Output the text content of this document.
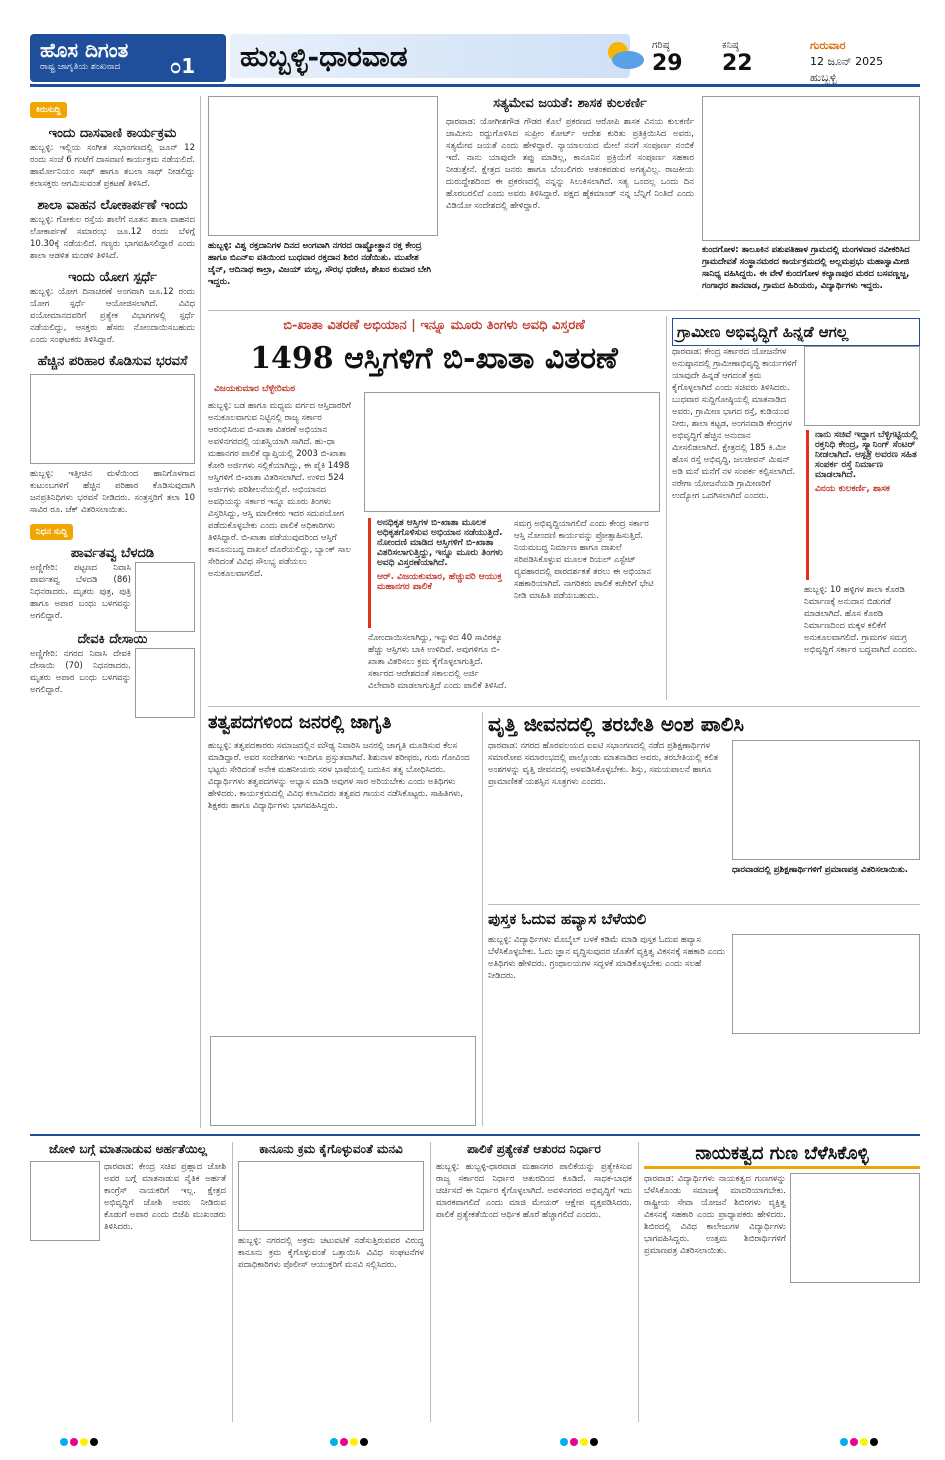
ಹೊಸ ದಿಗಂತ
ರಾಷ್ಟ್ರ ಜಾಗೃತಿಯ ಶಂಖನಾದ	೦1 ಹುಬ್ಬಳ್ಳಿ-ಧಾರವಾಡ	ಗರಿಷ್ಠ
29
ಕನಿಷ್ಠ
22
ಗುರುವಾರ
12 ಜೂನ್ 2025
ಹುಬ್ಬಳ್ಳಿ
ಕಿರುಸುದ್ದಿ
ಇಂದು ದಾಸವಾಣಿ ಕಾರ್ಯಕ್ರಮ

ಹುಬ್ಬಳ್ಳಿ: ಇಲ್ಲಿಯ ಸಂಗೀತ ಸಭಾಂಗಣದಲ್ಲಿ ಜೂನ್ 12 ರಂದು ಸಂಜೆ 6 ಗಂಟೆಗೆ ದಾಸವಾಣಿ ಕಾರ್ಯಕ್ರಮ ನಡೆಯಲಿದೆ. ಹಾರ್ಮೋನಿಯಂ ಸಾಥ್ ಹಾಗೂ ತಬಲಾ ಸಾಥ್ ನೀಡಲಿದ್ದು ಕಲಾಸಕ್ತರು ಆಗಮಿಸುವಂತೆ ಪ್ರಕಟಣೆ ತಿಳಿಸಿದೆ.

ಶಾಲಾ ವಾಹನ ಲೋಕಾರ್ಪಣೆ ಇಂದು

ಹುಬ್ಬಳ್ಳಿ: ಗೋಕುಲ ರಸ್ತೆಯ ಶಾಲೆಗೆ ನೂತನ ಶಾಲಾ ವಾಹನದ ಲೋಕಾರ್ಪಣೆ ಸಮಾರಂಭ ಜೂ.12 ರಂದು ಬೆಳಗ್ಗೆ 10.30ಕ್ಕೆ ನಡೆಯಲಿದೆ. ಗಣ್ಯರು ಭಾಗವಹಿಸಲಿದ್ದಾರೆ ಎಂದು ಶಾಲಾ ಆಡಳಿತ ಮಂಡಳಿ ತಿಳಿಸಿದೆ.

ಇಂದು ಯೋಗ ಸ್ಪರ್ಧೆ

ಹುಬ್ಬಳ್ಳಿ: ಯೋಗ ದಿನಾಚರಣೆ ಅಂಗವಾಗಿ ಜೂ.12 ರಂದು ಯೋಗ ಸ್ಪರ್ಧೆ ಆಯೋಜಿಸಲಾಗಿದೆ. ವಿವಿಧ ವಯೋಮಾನದವರಿಗೆ ಪ್ರತ್ಯೇಕ ವಿಭಾಗಗಳಲ್ಲಿ ಸ್ಪರ್ಧೆ ನಡೆಯಲಿದ್ದು, ಆಸಕ್ತರು ಹೆಸರು ನೋಂದಾಯಿಸಬಹುದು ಎಂದು ಸಂಘಟಕರು ತಿಳಿಸಿದ್ದಾರೆ.

ಹೆಚ್ಚಿನ ಪರಿಹಾರ ಕೊಡಿಸುವ ಭರವಸೆ

ಹುಬ್ಬಳ್ಳಿ: ಇತ್ತೀಚಿನ ಮಳೆಯಿಂದ ಹಾನಿಗೊಳಗಾದ ಕುಟುಂಬಗಳಿಗೆ ಹೆಚ್ಚಿನ ಪರಿಹಾರ ಕೊಡಿಸುವುದಾಗಿ ಜನಪ್ರತಿನಿಧಿಗಳು ಭರವಸೆ ನೀಡಿದರು. ಸಂತ್ರಸ್ತರಿಗೆ ತಲಾ 10 ಸಾವಿರ ರೂ. ಚೆಕ್ ವಿತರಿಸಲಾಯಿತು.

ನಿಧನ ಸುದ್ದಿ
ಪಾರ್ವತವ್ವ ಬೆಳದಡಿ

ಅಣ್ಣಿಗೇರಿ: ಪಟ್ಟಣದ ನಿವಾಸಿ ಪಾರ್ವತವ್ವ ಬೆಳದಡಿ (86) ನಿಧನರಾದರು. ಮೃತರು ಪುತ್ರ, ಪುತ್ರಿ ಹಾಗೂ ಅಪಾರ ಬಂಧು ಬಳಗವನ್ನು ಅಗಲಿದ್ದಾರೆ.

ದೇವಕಿ ದೇಸಾಯಿ

ಅಣ್ಣಿಗೇರಿ: ನಗರದ ನಿವಾಸಿ ದೇವಕಿ ದೇಸಾಯಿ (70) ನಿಧನರಾದರು. ಮೃತರು ಅಪಾರ ಬಂಧು ಬಳಗವನ್ನು ಅಗಲಿದ್ದಾರೆ.

ಹುಬ್ಬಳ್ಳಿ: ವಿಶ್ವ ರಕ್ತದಾನಿಗಳ ದಿನದ ಅಂಗವಾಗಿ ನಗರದ ರಾಷ್ಟ್ರೋತ್ಥಾನ ರಕ್ತ ಕೇಂದ್ರ ಹಾಗೂ ಬಿಎನ್‌ಐ ವತಿಯಿಂದ ಬುಧವಾರ ರಕ್ತದಾನ ಶಿಬಿರ ನಡೆಯಿತು. ಮುಖೇಶ ಜೈನ್, ಆದಿನಾಥ ಕಾಲ್ರಾ, ವಿಜಯ್ ಮಲ್ಲ, ಸೌರಭ ಧಡೇಚಿ, ಶೇಖರ ಕುಮಾರ ಬೇಗಿ ಇದ್ದರು.
ಸತ್ಯಮೇವ ಜಯತೆ: ಶಾಸಕ ಕುಲಕರ್ಣಿ

ಧಾರವಾಡ: ಯೋಗೀಶಗೌಡ ಗೌಡರ ಕೊಲೆ ಪ್ರಕರಣದ ಆರೋಪಿ ಶಾಸಕ ವಿನಯ ಕುಲಕರ್ಣಿ ಜಾಮೀನು ರದ್ದುಗೊಳಿಸಿದ ಸುಪ್ರೀಂ ಕೋರ್ಟ್ ಆದೇಶ ಕುರಿತು ಪ್ರತಿಕ್ರಿಯಿಸಿದ ಅವರು, ಸತ್ಯಮೇವ ಜಯತೆ ಎಂದು ಹೇಳಿದ್ದಾರೆ. ನ್ಯಾಯಾಲಯದ ಮೇಲೆ ನನಗೆ ಸಂಪೂರ್ಣ ನಂಬಿಕೆ ಇದೆ. ನಾನು ಯಾವುದೇ ತಪ್ಪು ಮಾಡಿಲ್ಲ, ಕಾನೂನಿನ ಪ್ರಕ್ರಿಯೆಗೆ ಸಂಪೂರ್ಣ ಸಹಕಾರ ನೀಡುತ್ತೇನೆ. ಕ್ಷೇತ್ರದ ಜನರು ಹಾಗೂ ಬೆಂಬಲಿಗರು ಆತಂಕಪಡುವ ಅಗತ್ಯವಿಲ್ಲ. ರಾಜಕೀಯ ದುರುದ್ದೇಶದಿಂದ ಈ ಪ್ರಕರಣದಲ್ಲಿ ನನ್ನನ್ನು ಸಿಲುಕಿಸಲಾಗಿದೆ. ಸತ್ಯ ಒಂದಲ್ಲ ಒಂದು ದಿನ ಹೊರಬರಲಿದೆ ಎಂದು ಅವರು ತಿಳಿಸಿದ್ದಾರೆ. ಪಕ್ಷದ ಹೈಕಮಾಂಡ್ ನನ್ನ ಬೆನ್ನಿಗೆ ನಿಂತಿದೆ ಎಂದು ವಿಡಿಯೋ ಸಂದೇಶದಲ್ಲಿ ಹೇಳಿದ್ದಾರೆ.

ಕುಂದಗೋಳ: ತಾಲೂಕಿನ ಪಶುಪತಿಹಾಳ ಗ್ರಾಮದಲ್ಲಿ ಮಂಗಳವಾರ ನವೀಕರಿಸಿದ ಗ್ರಾಮದೇವತೆ ಸಂಸ್ಥಾನಮಠದ ಕಾರ್ಯಕ್ರಮದಲ್ಲಿ ಅಲ್ಲಮಪ್ರಭು ಮಹಾಸ್ವಾಮೀಜಿ ಸಾನಿಧ್ಯ ವಹಿಸಿದ್ದರು. ಈ ವೇಳೆ ಕುಂದಗೋಳ ಕಲ್ಯಾಣಪುರ ಮಠದ ಬಸವಣ್ಣಜ್ಜ, ಗಂಗಾಧರ ಶಾನವಾಡ, ಗ್ರಾಮದ ಹಿರಿಯರು, ವಿದ್ಯಾರ್ಥಿಗಳು ಇದ್ದರು.
ಬಿ-ಖಾತಾ ವಿತರಣೆ ಅಭಿಯಾನ | ಇನ್ನೂ ಮೂರು ತಿಂಗಳು ಅವಧಿ ವಿಸ್ತರಣೆ
1498 ಆಸ್ತಿಗಳಿಗೆ ಬಿ-ಖಾತಾ ವಿತರಣೆ
ವಿಜಯಕುಮಾರ ಬೆಳ್ಳೇರಿಮಠ
ಹುಬ್ಬಳ್ಳಿ: ಬಡ ಹಾಗೂ ಮಧ್ಯಮ ವರ್ಗದ ಆಸ್ತಿದಾರರಿಗೆ ಅನುಕೂಲವಾಗುವ ನಿಟ್ಟಿನಲ್ಲಿ ರಾಜ್ಯ ಸರ್ಕಾರ ಆರಂಭಿಸಿರುವ ಬಿ-ಖಾತಾ ವಿತರಣೆ ಅಭಿಯಾನ ಅವಳಿನಗರದಲ್ಲಿ ಯಶಸ್ವಿಯಾಗಿ ಸಾಗಿದೆ. ಹು-ಧಾ ಮಹಾನಗರ ಪಾಲಿಕೆ ವ್ಯಾಪ್ತಿಯಲ್ಲಿ 2003 ಬಿ-ಖಾತಾ ಕೋರಿ ಅರ್ಜಿಗಳು ಸಲ್ಲಿಕೆಯಾಗಿದ್ದು, ಈ ಪೈಕಿ 1498 ಆಸ್ತಿಗಳಿಗೆ ಬಿ-ಖಾತಾ ವಿತರಿಸಲಾಗಿದೆ. ಉಳಿದ 524 ಅರ್ಜಿಗಳು ಪರಿಶೀಲನೆಯಲ್ಲಿವೆ. ಅಭಿಯಾನದ ಅವಧಿಯನ್ನು ಸರ್ಕಾರ ಇನ್ನೂ ಮೂರು ತಿಂಗಳು ವಿಸ್ತರಿಸಿದ್ದು, ಆಸ್ತಿ ಮಾಲೀಕರು ಇದರ ಸದುಪಯೋಗ ಪಡೆದುಕೊಳ್ಳಬೇಕು ಎಂದು ಪಾಲಿಕೆ ಅಧಿಕಾರಿಗಳು ತಿಳಿಸಿದ್ದಾರೆ. ಬಿ-ಖಾತಾ ಪಡೆಯುವುದರಿಂದ ಆಸ್ತಿಗೆ ಕಾನೂನುಬದ್ಧ ದಾಖಲೆ ದೊರೆಯಲಿದ್ದು, ಬ್ಯಾಂಕ್ ಸಾಲ ಸೇರಿದಂತೆ ವಿವಿಧ ಸೌಲಭ್ಯ ಪಡೆಯಲು ಅನುಕೂಲವಾಗಲಿದೆ.
ಅನಧಿಕೃತ ಆಸ್ತಿಗಳ ಬಿ-ಖಾತಾ ಮೂಲಕ ಅಧಿಕೃತಗೊಳಿಸುವ ಅಭಿಯಾನ ನಡೆಯುತ್ತಿದೆ. ನೋಂದಣಿ ಮಾಡಿದ ಆಸ್ತಿಗಳಿಗೆ ಬಿ-ಖಾತಾ ವಿತರಿಸಲಾಗುತ್ತಿದ್ದು, ಇನ್ನೂ ಮೂರು ತಿಂಗಳು ಅವಧಿ ವಿಸ್ತರಣೆಯಾಗಿದೆ.
ಆರ್. ವಿಜಯಕುಮಾರ, ಹೆಚ್ಚುವರಿ ಆಯುಕ್ತ ಮಹಾನಗರ ಪಾಲಿಕೆ
ನೋಂದಾಯಿಸಲಾಗಿದ್ದು, ಇನ್ನುಳಿದ 40 ಸಾವಿರಕ್ಕೂ ಹೆಚ್ಚು ಆಸ್ತಿಗಳು ಬಾಕಿ ಉಳಿದಿವೆ. ಅವುಗಳಿಗೂ ಬಿ-ಖಾತಾ ವಿತರಿಸಲು ಕ್ರಮ ಕೈಗೊಳ್ಳಲಾಗುತ್ತಿದೆ. ಸರ್ಕಾರದ ಆದೇಶದಂತೆ ಸಕಾಲದಲ್ಲಿ ಅರ್ಜಿ ವಿಲೇವಾರಿ ಮಾಡಲಾಗುತ್ತಿದೆ ಎಂದು ಪಾಲಿಕೆ ತಿಳಿಸಿದೆ.
ಸಮಗ್ರ ಅಭಿವೃದ್ಧಿಯಾಗಲಿದೆ ಎಂದು ಕೇಂದ್ರ ಸರ್ಕಾರ ಆಸ್ತಿ ನೋಂದಣಿ ಕಾರ್ಯವನ್ನು ಪ್ರೋತ್ಸಾಹಿಸುತ್ತಿದೆ. ನಿಯಮಬದ್ಧ ನಿರ್ಮಾಣ ಹಾಗೂ ದಾಖಲೆ ಸರಿಪಡಿಸಿಕೊಳ್ಳುವ ಮೂಲಕ ರಿಯಲ್ ಎಸ್ಟೇಟ್ ವ್ಯವಹಾರದಲ್ಲಿ ಪಾರದರ್ಶಕತೆ ತರಲು ಈ ಅಭಿಯಾನ ಸಹಕಾರಿಯಾಗಿದೆ. ನಾಗರಿಕರು ಪಾಲಿಕೆ ಕಚೇರಿಗೆ ಭೇಟಿ ನೀಡಿ ಮಾಹಿತಿ ಪಡೆಯಬಹುದು.
ಗ್ರಾಮೀಣ ಅಭಿವೃದ್ಧಿಗೆ ಹಿನ್ನಡೆ ಆಗಲ್ಲ
ಧಾರವಾಡ: ಕೇಂದ್ರ ಸರ್ಕಾರದ ಯೋಜನೆಗಳ ಅನುಷ್ಠಾನದಲ್ಲಿ ಗ್ರಾಮೀಣಾಭಿವೃದ್ಧಿ ಕಾರ್ಯಗಳಿಗೆ ಯಾವುದೇ ಹಿನ್ನಡೆ ಆಗದಂತೆ ಕ್ರಮ ಕೈಗೊಳ್ಳಲಾಗಿದೆ ಎಂದು ಸಚಿವರು ತಿಳಿಸಿದರು. ಬುಧವಾರ ಸುದ್ದಿಗೋಷ್ಠಿಯಲ್ಲಿ ಮಾತನಾಡಿದ ಅವರು, ಗ್ರಾಮೀಣ ಭಾಗದ ರಸ್ತೆ, ಕುಡಿಯುವ ನೀರು, ಶಾಲಾ ಕಟ್ಟಡ, ಅಂಗನವಾಡಿ ಕೇಂದ್ರಗಳ ಅಭಿವೃದ್ಧಿಗೆ ಹೆಚ್ಚಿನ ಅನುದಾನ ಮೀಸಲಿಡಲಾಗಿದೆ. ಕ್ಷೇತ್ರದಲ್ಲಿ 185 ಕಿ.ಮೀ ಹೊಸ ರಸ್ತೆ ಅಭಿವೃದ್ಧಿ, ಜಲಜೀವನ್ ಮಿಷನ್ ಅಡಿ ಮನೆ ಮನೆಗೆ ನಳ ಸಂಪರ್ಕ ಕಲ್ಪಿಸಲಾಗಿದೆ. ನರೇಗಾ ಯೋಜನೆಯಡಿ ಗ್ರಾಮೀಣರಿಗೆ ಉದ್ಯೋಗ ಒದಗಿಸಲಾಗಿದೆ ಎಂದರು.
ನಾನು ಸಚಿವೆ ಇದ್ದಾಗ ಬೆಳ್ಳಿಗಟ್ಟಿಯಲ್ಲಿ ರಕ್ತನಿಧಿ ಕೇಂದ್ರ, ಸ್ಕ್ಯಾನಿಂಗ್ ಸೆಂಟರ್ ನೀಡಲಾಗಿದೆ. ಆಸ್ಪತ್ರೆ ಅವರಣ ಸಹಿತ ಸಂಪರ್ಕ ರಸ್ತೆ ನಿರ್ಮಾಣ ಮಾಡಲಾಗಿದೆ.
ವಿನಯ ಕುಲಕರ್ಣಿ, ಶಾಸಕ
ಹುಬ್ಬಳ್ಳಿ: 10 ಹಳ್ಳಿಗಳ ಶಾಲಾ ಕೊಠಡಿ ನಿರ್ಮಾಣಕ್ಕೆ ಅನುದಾನ ಬಿಡುಗಡೆ ಮಾಡಲಾಗಿದೆ. ಹೊಸ ಕೊಠಡಿ ನಿರ್ಮಾಣದಿಂದ ಮಕ್ಕಳ ಕಲಿಕೆಗೆ ಅನುಕೂಲವಾಗಲಿದೆ. ಗ್ರಾಮಗಳ ಸಮಗ್ರ ಅಭಿವೃದ್ಧಿಗೆ ಸರ್ಕಾರ ಬದ್ಧವಾಗಿದೆ ಎಂದರು.
ತತ್ವಪದಗಳಿಂದ ಜನರಲ್ಲಿ ಜಾಗೃತಿ
ಹುಬ್ಬಳ್ಳಿ: ತತ್ವಪದಕಾರರು ಸಮಾಜದಲ್ಲಿನ ಮೌಢ್ಯ ನಿವಾರಿಸಿ ಜನರಲ್ಲಿ ಜಾಗೃತಿ ಮೂಡಿಸುವ ಕೆಲಸ ಮಾಡಿದ್ದಾರೆ. ಅವರ ಸಂದೇಶಗಳು ಇಂದಿಗೂ ಪ್ರಸ್ತುತವಾಗಿವೆ. ಶಿಶುನಾಳ ಶರೀಫರು, ಗುರು ಗೋವಿಂದ ಭಟ್ಟರು ಸೇರಿದಂತೆ ಅನೇಕ ಮಹನೀಯರು ಸರಳ ಭಾಷೆಯಲ್ಲಿ ಬದುಕಿನ ತತ್ವ ಬೋಧಿಸಿದರು. ವಿದ್ಯಾರ್ಥಿಗಳು ತತ್ವಪದಗಳನ್ನು ಅಭ್ಯಾಸ ಮಾಡಿ ಅವುಗಳ ಸಾರ ಅರಿಯಬೇಕು ಎಂದು ಅತಿಥಿಗಳು ಹೇಳಿದರು. ಕಾರ್ಯಕ್ರಮದಲ್ಲಿ ವಿವಿಧ ಕಲಾವಿದರು ತತ್ವಪದ ಗಾಯನ ನಡೆಸಿಕೊಟ್ಟರು. ಸಾಹಿತಿಗಳು, ಶಿಕ್ಷಕರು ಹಾಗೂ ವಿದ್ಯಾರ್ಥಿಗಳು ಭಾಗವಹಿಸಿದ್ದರು.
ವೃತ್ತಿ ಜೀವನದಲ್ಲಿ ತರಬೇತಿ ಅಂಶ ಪಾಲಿಸಿ
ಧಾರವಾಡ: ನಗರದ ಹೊರವಲಯದ ಐಐಟಿ ಸಭಾಂಗಣದಲ್ಲಿ ನಡೆದ ಪ್ರಶಿಕ್ಷಣಾರ್ಥಿಗಳ ಸಮಾರೋಪ ಸಮಾರಂಭದಲ್ಲಿ ಪಾಲ್ಗೊಂಡು ಮಾತನಾಡಿದ ಅವರು, ತರಬೇತಿಯಲ್ಲಿ ಕಲಿತ ಅಂಶಗಳನ್ನು ವೃತ್ತಿ ಜೀವನದಲ್ಲಿ ಅಳವಡಿಸಿಕೊಳ್ಳಬೇಕು. ಶಿಸ್ತು, ಸಮಯಪಾಲನೆ ಹಾಗೂ ಪ್ರಾಮಾಣಿಕತೆ ಯಶಸ್ಸಿನ ಸೂತ್ರಗಳು ಎಂದರು.
ಧಾರವಾಡದಲ್ಲಿ ಪ್ರಶಿಕ್ಷಣಾರ್ಥಿಗಳಿಗೆ ಪ್ರಮಾಣಪತ್ರ ವಿತರಿಸಲಾಯಿತು.
ಪುಸ್ತಕ ಓದುವ ಹವ್ಯಾಸ ಬೆಳೆಯಲಿ
ಹುಬ್ಬಳ್ಳಿ: ವಿದ್ಯಾರ್ಥಿಗಳು ಮೊಬೈಲ್ ಬಳಕೆ ಕಡಿಮೆ ಮಾಡಿ ಪುಸ್ತಕ ಓದುವ ಹವ್ಯಾಸ ಬೆಳೆಸಿಕೊಳ್ಳಬೇಕು. ಓದು ಜ್ಞಾನ ವೃದ್ಧಿಸುವುದರ ಜೊತೆಗೆ ವ್ಯಕ್ತಿತ್ವ ವಿಕಸನಕ್ಕೆ ಸಹಕಾರಿ ಎಂದು ಅತಿಥಿಗಳು ಹೇಳಿದರು. ಗ್ರಂಥಾಲಯಗಳ ಸದ್ಬಳಕೆ ಮಾಡಿಕೊಳ್ಳಬೇಕು ಎಂದು ಸಲಹೆ ನೀಡಿದರು.
ಜೋಳಿ ಬಗ್ಗೆ ಮಾತನಾಡುವ ಅರ್ಹತೆಯಿಲ್ಲ

ಧಾರವಾಡ: ಕೇಂದ್ರ ಸಚಿವ ಪ್ರಹ್ಲಾದ ಜೋಶಿ ಅವರ ಬಗ್ಗೆ ಮಾತನಾಡುವ ನೈತಿಕ ಅರ್ಹತೆ ಕಾಂಗ್ರೆಸ್ ನಾಯಕರಿಗೆ ಇಲ್ಲ. ಕ್ಷೇತ್ರದ ಅಭಿವೃದ್ಧಿಗೆ ಜೋಶಿ ಅವರು ನೀಡಿರುವ ಕೊಡುಗೆ ಅಪಾರ ಎಂದು ಬಿಜೆಪಿ ಮುಖಂಡರು ತಿಳಿಸಿದರು.

ಕಾನೂನು ಕ್ರಮ ಕೈಗೊಳ್ಳುವಂತೆ ಮನವಿ

ಹುಬ್ಬಳ್ಳಿ: ನಗರದಲ್ಲಿ ಅಕ್ರಮ ಚಟುವಟಿಕೆ ನಡೆಸುತ್ತಿರುವವರ ವಿರುದ್ಧ ಕಾನೂನು ಕ್ರಮ ಕೈಗೊಳ್ಳುವಂತೆ ಒತ್ತಾಯಿಸಿ ವಿವಿಧ ಸಂಘಟನೆಗಳ ಪದಾಧಿಕಾರಿಗಳು ಪೊಲೀಸ್ ಆಯುಕ್ತರಿಗೆ ಮನವಿ ಸಲ್ಲಿಸಿದರು.

ಪಾಲಿಕೆ ಪ್ರತ್ಯೇಕತೆ ಆತುರದ ನಿರ್ಧಾರ

ಹುಬ್ಬಳ್ಳಿ: ಹುಬ್ಬಳ್ಳಿ-ಧಾರವಾಡ ಮಹಾನಗರ ಪಾಲಿಕೆಯನ್ನು ಪ್ರತ್ಯೇಕಿಸುವ ರಾಜ್ಯ ಸರ್ಕಾರದ ನಿರ್ಧಾರ ಆತುರದಿಂದ ಕೂಡಿದೆ. ಸಾಧಕ-ಬಾಧಕ ಚರ್ಚಿಸದೆ ಈ ನಿರ್ಧಾರ ಕೈಗೊಳ್ಳಲಾಗಿದೆ. ಅವಳಿನಗರದ ಅಭಿವೃದ್ಧಿಗೆ ಇದು ಮಾರಕವಾಗಲಿದೆ ಎಂದು ಮಾಜಿ ಮೇಯರ್ ಆಕ್ಷೇಪ ವ್ಯಕ್ತಪಡಿಸಿದರು. ಪಾಲಿಕೆ ಪ್ರತ್ಯೇಕತೆಯಿಂದ ಆರ್ಥಿಕ ಹೊರೆ ಹೆಚ್ಚಾಗಲಿದೆ ಎಂದರು.

ನಾಯಕತ್ವದ ಗುಣ ಬೆಳೆಸಿಕೊಳ್ಳಿ

ಧಾರವಾಡ: ವಿದ್ಯಾರ್ಥಿಗಳು ನಾಯಕತ್ವದ ಗುಣಗಳನ್ನು ಬೆಳೆಸಿಕೊಂಡು ಸಮಾಜಕ್ಕೆ ಮಾದರಿಯಾಗಬೇಕು. ರಾಷ್ಟ್ರೀಯ ಸೇವಾ ಯೋಜನೆ ಶಿಬಿರಗಳು ವ್ಯಕ್ತಿತ್ವ ವಿಕಸನಕ್ಕೆ ಸಹಕಾರಿ ಎಂದು ಪ್ರಾಧ್ಯಾಪಕರು ಹೇಳಿದರು. ಶಿಬಿರದಲ್ಲಿ ವಿವಿಧ ಕಾಲೇಜುಗಳ ವಿದ್ಯಾರ್ಥಿಗಳು ಭಾಗವಹಿಸಿದ್ದರು. ಉತ್ತಮ ಶಿಬಿರಾರ್ಥಿಗಳಿಗೆ ಪ್ರಮಾಣಪತ್ರ ವಿತರಿಸಲಾಯಿತು.
